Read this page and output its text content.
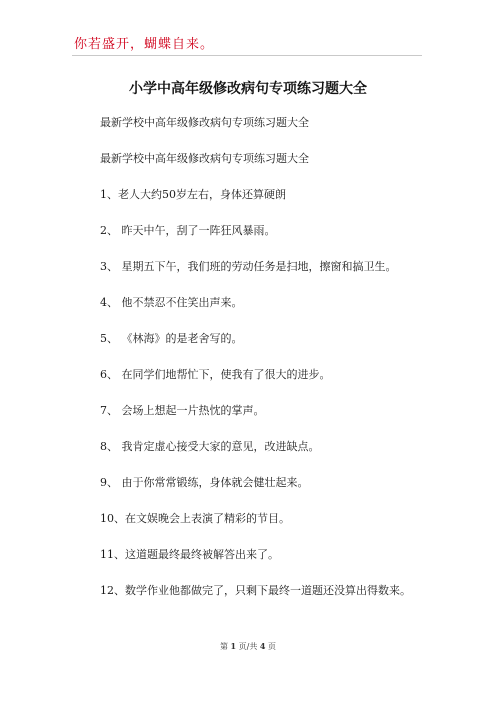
你若盛开，蝴蝶自来。
小学中高年级修改病句专项练习题大全
最新学校中高年级修改病句专项练习题大全
最新学校中高年级修改病句专项练习题大全
1、老人大约50岁左右，身体还算硬朗
2、 昨天中午，刮了一阵狂风暴雨。
3、 星期五下午，我们班的劳动任务是扫地，擦窗和搞卫生。
4、 他不禁忍不住笑出声来。
5、 《林海》的是老舍写的。
6、 在同学们地帮忙下，使我有了很大的进步。
7、 会场上想起一片热忱的掌声。
8、 我肯定虚心接受大家的意见，改进缺点。
9、 由于你常常锻练，身体就会健壮起来。
10、在文娱晚会上表演了精彩的节目。
11、这道题最终最终被解答出来了。
12、数学作业他都做完了，只剩下最终一道题还没算出得数来。
第 1 页/共 4 页
